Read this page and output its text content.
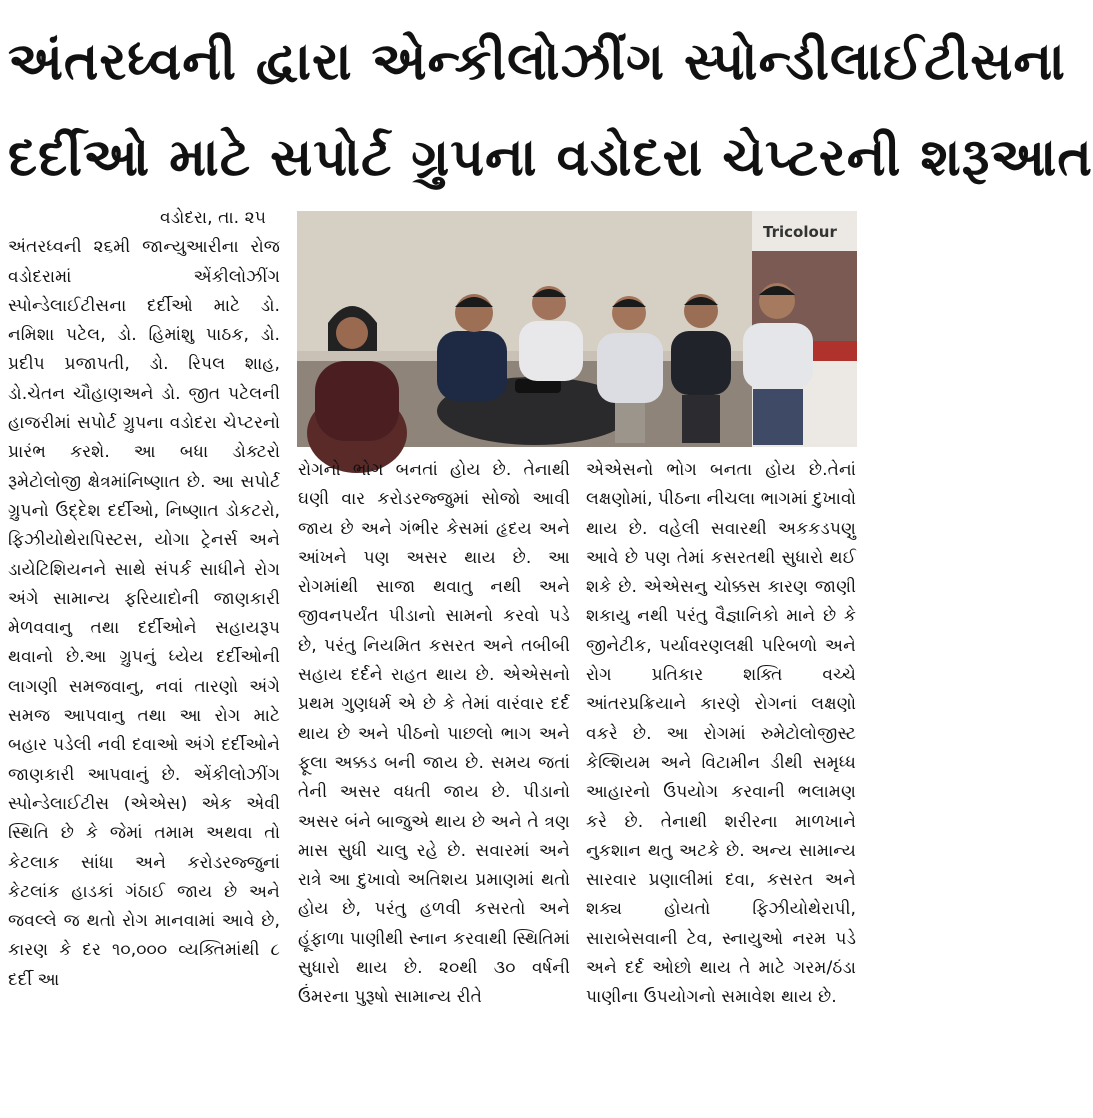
અંતરધ્વની દ્વારા એન્કીલોઝીંગ સ્પોન્ડીલાઈટીસના
દર્દીઓ માટે સપોર્ટ ગ્રુપના વડોદરા ચેપ્ટરની શરૂઆત
વડોદરા, તા. ૨૫
અંતરધ્વની ૨૬મી જાન્યુઆરીના રોજ વડોદરામાં એંકીલોઝીંગ સ્પોન્ડેલાઈટીસના દર્દીઓ માટે ડો. નમિશા પટેલ, ડો. હિમાંશુ પાઠક, ડો. પ્રદીપ પ્રજાપતી, ડો. રિપલ શાહ, ડો.ચેતન ચૌહાણઅને ડો. જીત પટેલની હાજરીમાં સપોર્ટ ગ્રુપના વડોદરા ચેપ્ટરનો પ્રારંભ કરશે. આ બધા ડોક્ટરો રૂમેટોલોજી ક્ષેત્રમાંનિષ્ણાત છે. આ સપોર્ટ ગ્રુપનો ઉદ્દેશ દર્દીઓ, નિષ્ણાત ડોકટરો, ફિઝીયોથેરાપિસ્ટસ, યોગા ટ્રેનર્સ અને ડાયેટિશિયનને સાથે સંપર્ક સાધીને રોગ અંગે સામાન્ય ફરિયાદોની જાણકારી મેળવવાનુ તથા દર્દીઓને સહાયરૂપ થવાનો છે.આ ગ્રુપનું ધ્યેય દર્દીઓની લાગણી સમજવાનુ, નવાં તારણો અંગે સમજ આપવાનુ તથા આ રોગ માટે બહાર પડેલી નવી દવાઓ અંગે દર્દીઓને જાણકારી આપવાનું છે. એંકીલોઝીંગ સ્પોન્ડેલાઈટીસ (એએસ) એક એવી સ્થિતિ છે કે જેમાં તમામ અથવા તો કેટલાક સાંધા અને કરોડરજ્જુનાં કેટલાંક હાડકાં ગંઠાઈ જાય છે અને જવલ્લે જ થતો રોગ માનવામાં આવે છે, કારણ કે દર ૧૦,૦૦૦ વ્યક્તિમાંથી ૮ દર્દી આ
Tricolour
રોગનો ભોગ બનતાં હોય છે. તેનાથી ઘણી વાર કરોડરજ્જુમાં સોજો આવી જાય છે અને ગંભીર કેસમાં હૃદય અને આંખને પણ અસર થાય છે. આ રોગમાંથી સાજા થવાતુ નથી અને જીવનપર્યંત પીડાનો સામનો કરવો પડે છે, પરંતુ નિયમિત કસરત અને તબીબી સહાય દર્દને રાહત થાય છે. એએસનો પ્રથમ ગુણધર્મ એ છે કે તેમાં વારંવાર દર્દ થાય છે અને પીઠનો પાછલો ભાગ અને ફૂલા અક્કડ બની જાય છે. સમય જતાં તેની અસર વધતી જાય છે. પીડાનો અસર બંને બાજુએ થાય છે અને તે ત્રણ માસ સુધી ચાલુ રહે છે. સવારમાં અને રાત્રે આ દુખાવો અતિશય પ્રમાણમાં થતો હોય છે, પરંતુ હળવી કસરતો અને હૂંફાળા પાણીથી સ્નાન કરવાથી સ્થિતિમાં સુધારો થાય છે. ૨૦થી ૩૦ વર્ષની ઉંમરના પુરૂષો સામાન્ય રીતે
એએસનો ભોગ બનતા હોય છે.તેનાં લક્ષણોમાં, પીઠના નીચલા ભાગમાં દુખાવો થાય છે. વહેલી સવારથી અકકડપણુ આવે છે પણ તેમાં કસરતથી સુધારો થઈ શકે છે. એએસનુ ચોક્કસ કારણ જાણી શકાયુ નથી પરંતુ વૈજ્ઞાનિકો માને છે કે જીનેટીક, પર્યાવરણલક્ષી પરિબળો અને રોગ પ્રતિકાર શક્તિ વચ્ચે આંતરપ્રક્રિયાને કારણે રોગનાં લક્ષણો વકરે છે. આ રોગમાં રુમેટોલોજીસ્ટ કેલ્શિયમ અને વિટામીન ડીથી સમૃધ્ધ આહારનો ઉપયોગ કરવાની ભલામણ કરે છે. તેનાથી શરીરના માળખાને નુકશાન થતુ અટકે છે. અન્ય સામાન્ય સારવાર પ્રણાલીમાં દવા, કસરત અને શક્ય હોયતો ફિઝીયોથેરાપી, સારાબેસવાની ટેવ, સ્નાયુઓ નરમ પડે અને દર્દ ઓછો થાય તે માટે ગરમ/ઠંડા પાણીના ઉપયોગનો સમાવેશ થાય છે.
